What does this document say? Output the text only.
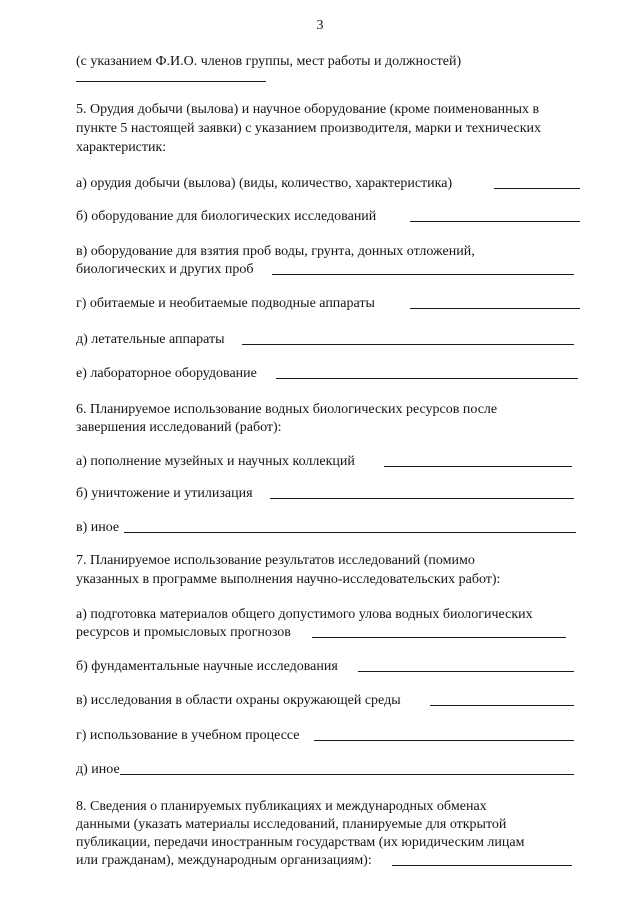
3
(с указанием Ф.И.О. членов группы, мест работы и должностей)
5. Орудия добычи (вылова) и научное оборудование (кроме поименованных в
пункте 5 настоящей заявки) с указанием производителя, марки и технических
характеристик:
а) орудия добычи (вылова) (виды, количество, характеристика)
б) оборудование для биологических исследований
в) оборудование для взятия проб воды, грунта, донных отложений,
биологических и других проб
г) обитаемые и необитаемые подводные аппараты
д) летательные аппараты
е) лабораторное оборудование
6. Планируемое использование водных биологических ресурсов после
завершения исследований (работ):
а) пополнение музейных и научных коллекций
б) уничтожение и утилизация
в) иное
7. Планируемое использование результатов исследований (помимо
указанных в программе выполнения научно-исследовательских работ):
а) подготовка материалов общего допустимого улова водных биологических
ресурсов и промысловых прогнозов
б) фундаментальные научные исследования
в) исследования в области охраны окружающей среды
г) использование в учебном процессе
д) иное
8. Сведения о планируемых публикациях и международных обменах
данными (указать материалы исследований, планируемые для открытой
публикации, передачи иностранным государствам (их юридическим лицам
или гражданам), международным организациям):
